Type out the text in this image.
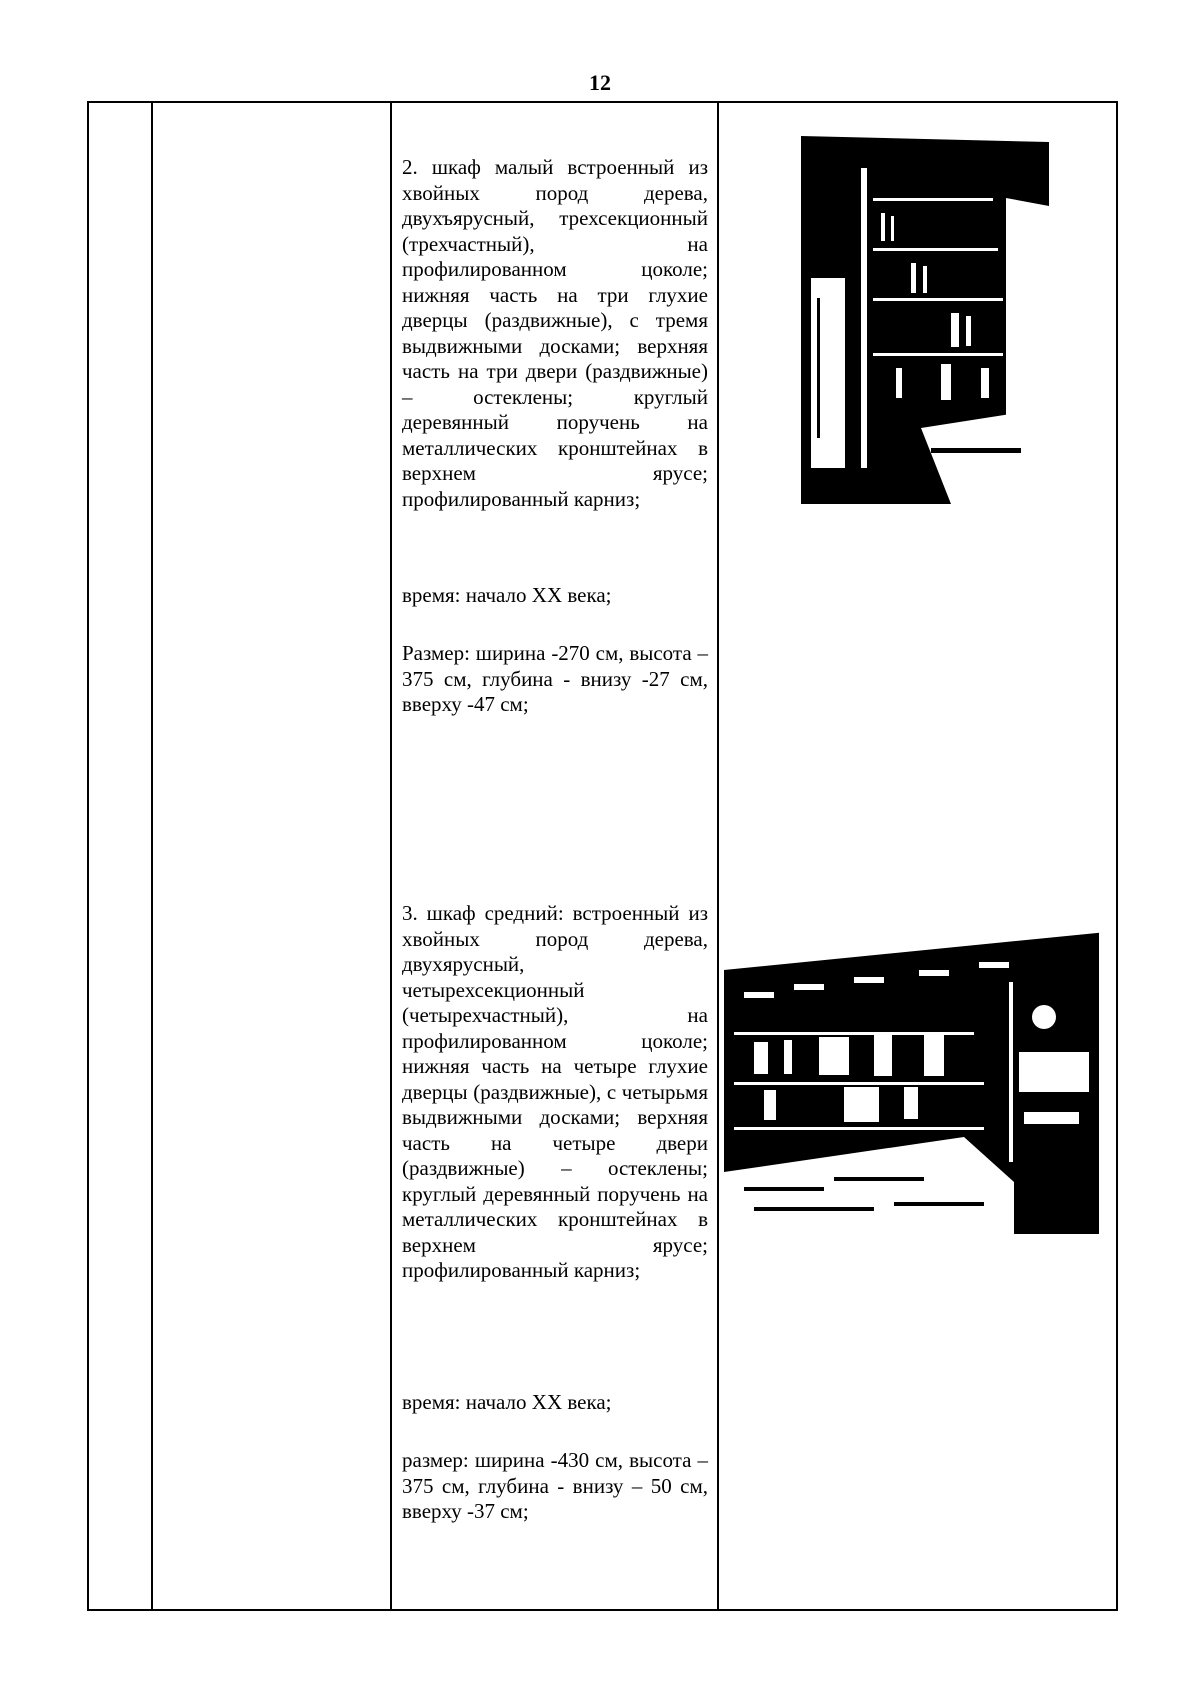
12
2. шкаф малый встроенный из хвойных пород дерева, двухъярусный, трехсекционный (трехчастный), на профилированном цоколе; нижняя часть на три глухие дверцы (раздвижные), с тремя выдвижными досками; верхняя часть на три двери (раздвижные) – остеклены; круглый деревянный поручень на металлических кронштейнах в верхнем ярусе; профилированный карниз;
время: начало XX века;
Размер: ширина -270 см, высота – 375 см, глубина - внизу -27 см, вверху -47 см;
3. шкаф средний: встроенный из хвойных пород дерева, двухярусный, четырехсекционный (четырехчастный), на профилированном цоколе; нижняя часть на четыре глухие дверцы (раздвижные), с четырьмя выдвижными досками; верхняя часть на четыре двери (раздвижные) – остеклены; круглый деревянный поручень на металлических кронштейнах в верхнем ярусе; профилированный карниз;
время: начало XX века;
размер: ширина -430 см, высота – 375 см, глубина - внизу – 50 см, вверху -37 см;
